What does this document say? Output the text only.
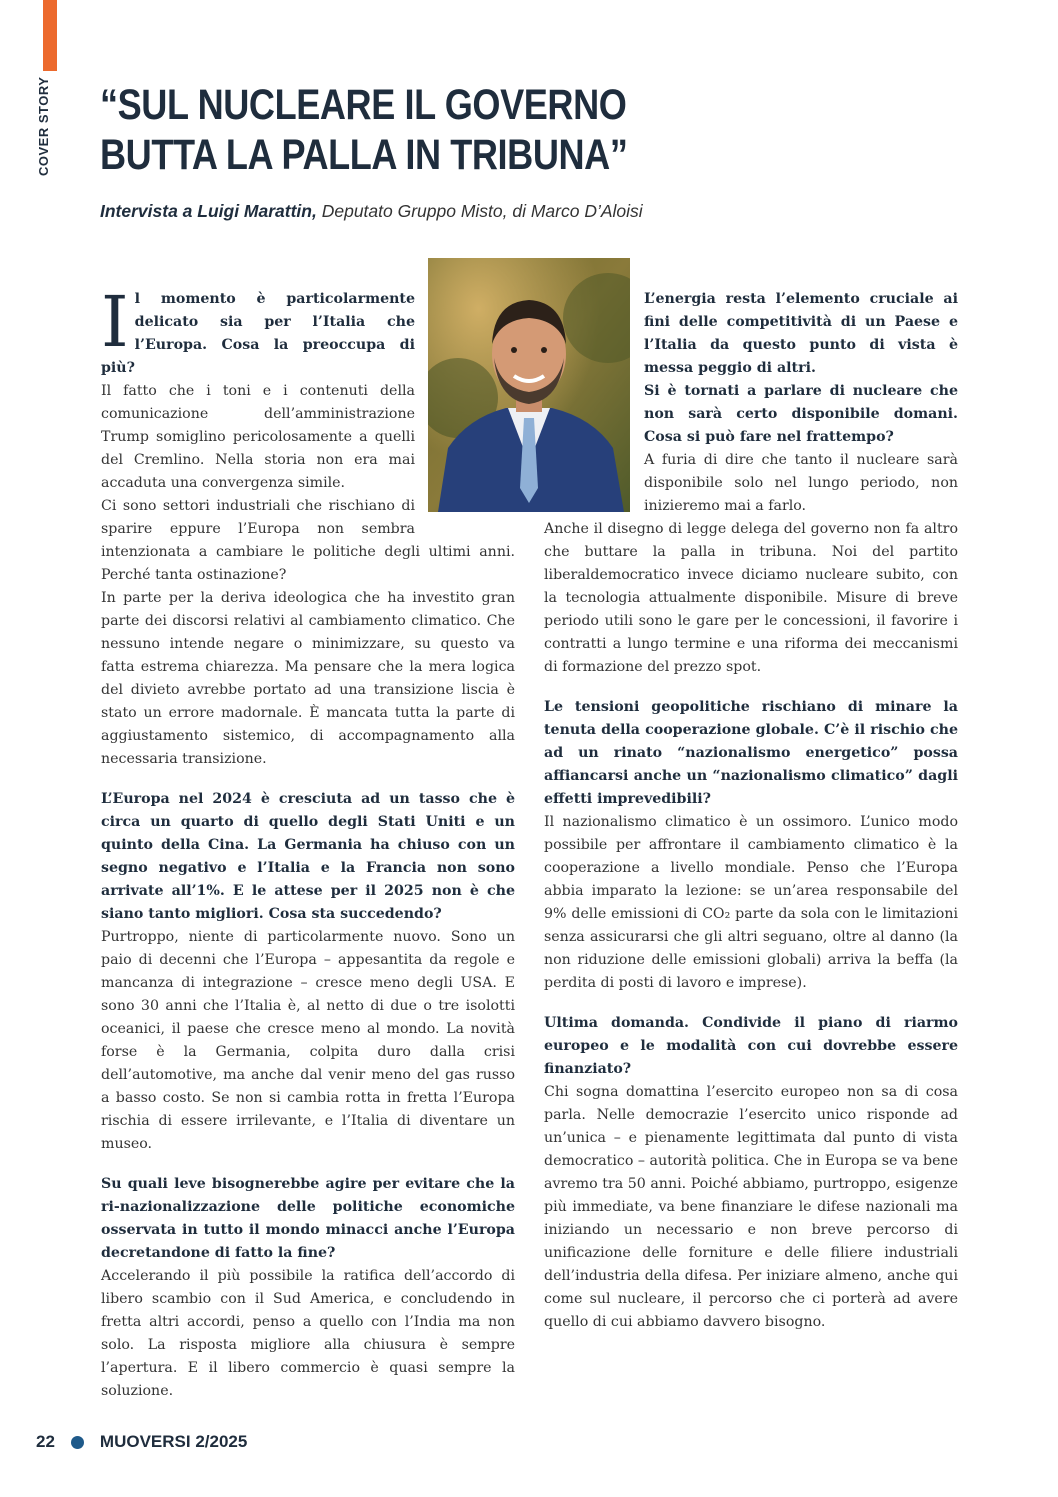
COVER STORY “SUL NUCLEARE IL GOVERNO
BUTTA LA PALLA IN TRIBUNA”
Intervista a Luigi Marattin, Deputato Gruppo Misto, di Marco D’Aloisi
I l momento è particolarmente delicato sia per l’Italia che l’Europa. Cosa la preoccupa di più?

Il fatto che i toni e i contenuti della comunicazione dell’amministrazione Trump somiglino pericolosamente a quelli del Cremlino. Nella storia non era mai accaduta una convergenza simile.

Ci sono settori industriali che rischiano di sparire eppure l’Europa non sembra intenzionata a cambiare le politiche degli ultimi anni. Perché tanta ostinazione?

In parte per la deriva ideologica che ha investito gran parte dei discorsi relativi al cambiamento climatico. Che nessuno intende negare o minimizzare, su questo va fatta estrema chiarezza. Ma pensare che la mera logica del divieto avrebbe portato ad una transizione liscia è stato un errore madornale. È mancata tutta la parte di aggiustamento sistemico, di accompagnamento alla necessaria transizione.

L’Europa nel 2024 è cresciuta ad un tasso che è circa un quarto di quello degli Stati Uniti e un quinto della Cina. La Germania ha chiuso con un segno negativo e l’Italia e la Francia non sono arrivate all’1%. E le attese per il 2025 non è che siano tanto migliori. Cosa sta succedendo?

Purtroppo, niente di particolarmente nuovo. Sono un paio di decenni che l’Europa – appesantita da regole e mancanza di integrazione – cresce meno degli USA. E sono 30 anni che l’Italia è, al netto di due o tre isolotti oceanici, il paese che cresce meno al mondo. La novità forse è la Germania, colpita duro dalla crisi dell’automotive, ma anche dal venir meno del gas russo a basso costo. Se non si cambia rotta in fretta l’Europa rischia di essere irrilevante, e l’Italia di diventare un museo.

Su quali leve bisognerebbe agire per evitare che la ri-nazionalizzazione delle politiche economiche osservata in tutto il mondo minacci anche l’Europa decretandone di fatto la fine?

Accelerando il più possibile la ratifica dell’accordo di libero scambio con il Sud America, e concludendo in fretta altri accordi, penso a quello con l’India ma non solo. La risposta migliore alla chiusura è sempre l’apertura. E il libero commercio è quasi sempre la soluzione.

L’energia resta l’elemento cruciale ai fini delle competitività di un Paese e l’Italia da questo punto di vista è messa peggio di altri.

Si è tornati a parlare di nucleare che non sarà certo disponibile domani. Cosa si può fare nel frattempo?

A furia di dire che tanto il nucleare sarà disponibile solo nel lungo periodo, non inizieremo mai a farlo.

Anche il disegno di legge delega del governo non fa altro che buttare la palla in tribuna. Noi del partito liberaldemocratico invece diciamo nucleare subito, con la tecnologia attualmente disponibile. Misure di breve periodo utili sono le gare per le concessioni, il favorire i contratti a lungo termine e una riforma dei meccanismi di formazione del prezzo spot.

Le tensioni geopolitiche rischiano di minare la tenuta della cooperazione globale. C’è il rischio che ad un rinato “nazionalismo energetico” possa affiancarsi anche un “nazionalismo climatico” dagli effetti imprevedibili?

Il nazionalismo climatico è un ossimoro. L’unico modo possibile per affrontare il cambiamento climatico è la cooperazione a livello mondiale. Penso che l’Europa abbia imparato la lezione: se un’area responsabile del 9% delle emissioni di CO₂ parte da sola con le limitazioni senza assicurarsi che gli altri seguano, oltre al danno (la non riduzione delle emissioni globali) arriva la beffa (la perdita di posti di lavoro e imprese).

Ultima domanda. Condivide il piano di riarmo europeo e le modalità con cui dovrebbe essere finanziato?

Chi sogna domattina l’esercito europeo non sa di cosa parla. Nelle democrazie l’esercito unico risponde ad un’unica – e pienamente legittimata dal punto di vista democratico – autorità politica. Che in Europa se va bene avremo tra 50 anni. Poiché abbiamo, purtroppo, esigenze più immediate, va bene finanziare le difese nazionali ma iniziando un necessario e non breve percorso di unificazione delle forniture e delle filiere industriali dell’industria della difesa. Per iniziare almeno, anche qui come sul nucleare, il percorso che ci porterà ad avere quello di cui abbiamo davvero bisogno.

22	MUOVERSI 2/2025
